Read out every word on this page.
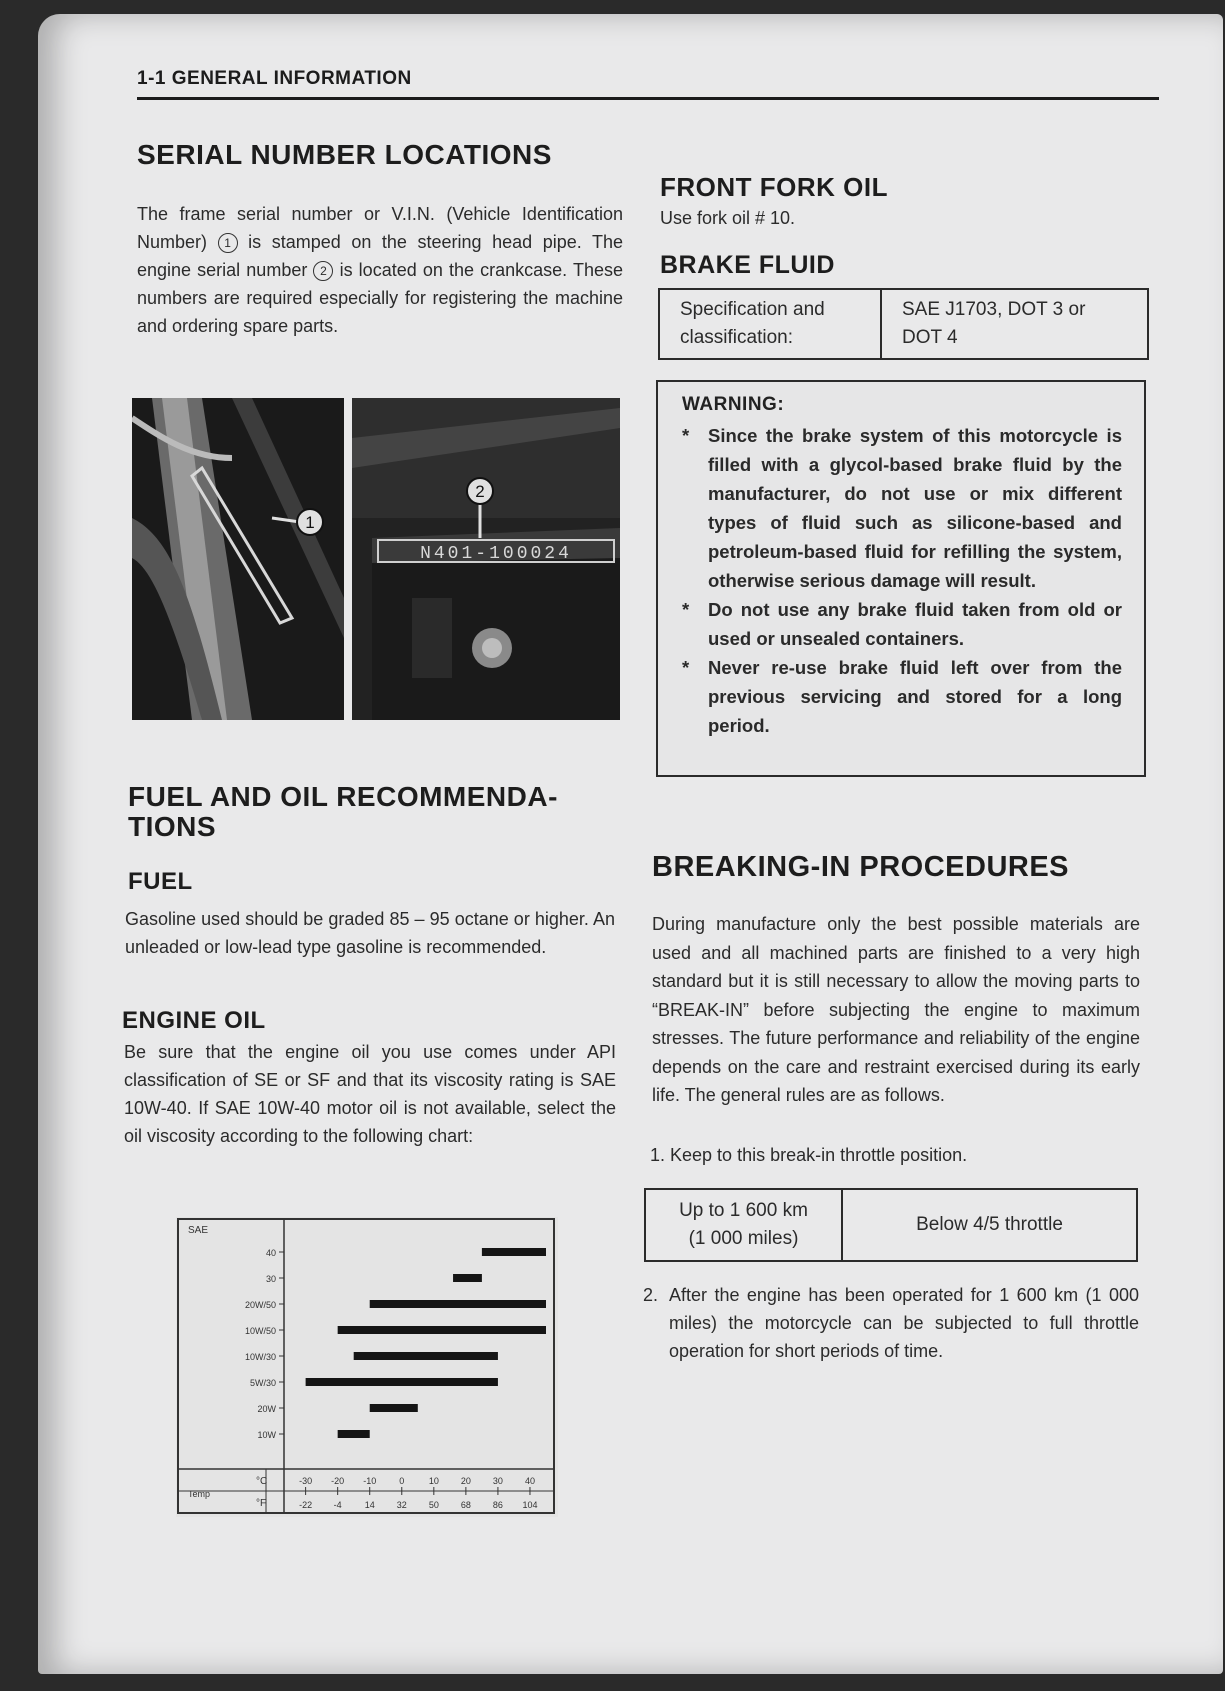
1-1 GENERAL INFORMATION
SERIAL NUMBER LOCATIONS

The frame serial number or V.I.N. (Vehicle Identification Number) 1 is stamped on the steering head pipe. The engine serial number 2 is located on the crankcase. These numbers are required especially for registering the machine and ordering spare parts.

1
N401-100024
2
FUEL AND OIL RECOMMENDA-
TIONS
FUEL

Gasoline used should be graded 85 – 95 octane or higher. An unleaded or low-lead type gasoline is recommended.

ENGINE OIL

Be sure that the engine oil you use comes under API classification of SE or SF and that its viscosity rating is SAE 10W-40. If SAE 10W-40 motor oil is not available, select the oil viscosity according to the following chart:

SAE
Temp
°C
°F
40
30
20W/50
10W/50
10W/30
5W/30
20W
10W
-30 -20 -10	0	10 20 30 40
-22 -4	14 32 50 68 86 104
FRONT FORK OIL

Use fork oil # 10.

BRAKE FLUID
Specification and classification:	SAE J1703, DOT 3 or DOT 4
WARNING:
* Since the brake system of this motorcycle is filled with a glycol-based brake fluid by the manufacturer, do not use or mix different types of fluid such as silicone-based and petroleum-based fluid for refilling the system, otherwise serious damage will result.
* Do not use any brake fluid taken from old or used or unsealed containers.
* Never re-use brake fluid left over from the previous servicing and stored for a long period.
BREAKING-IN PROCEDURES

During manufacture only the best possible materials are used and all machined parts are finished to a very high standard but it is still necessary to allow the moving parts to “BREAK-IN” before subjecting the engine to maximum stresses. The future performance and reliability of the engine depends on the care and restraint exercised during its early life. The general rules are as follows.

1. Keep to this break-in throttle position.

Up to 1 600 km
(1 000 miles)
	Below 4/5 throttle
2. After the engine has been operated for 1 600 km (1 000 miles) the motorcycle can be subjected to full throttle operation for short periods of time.
